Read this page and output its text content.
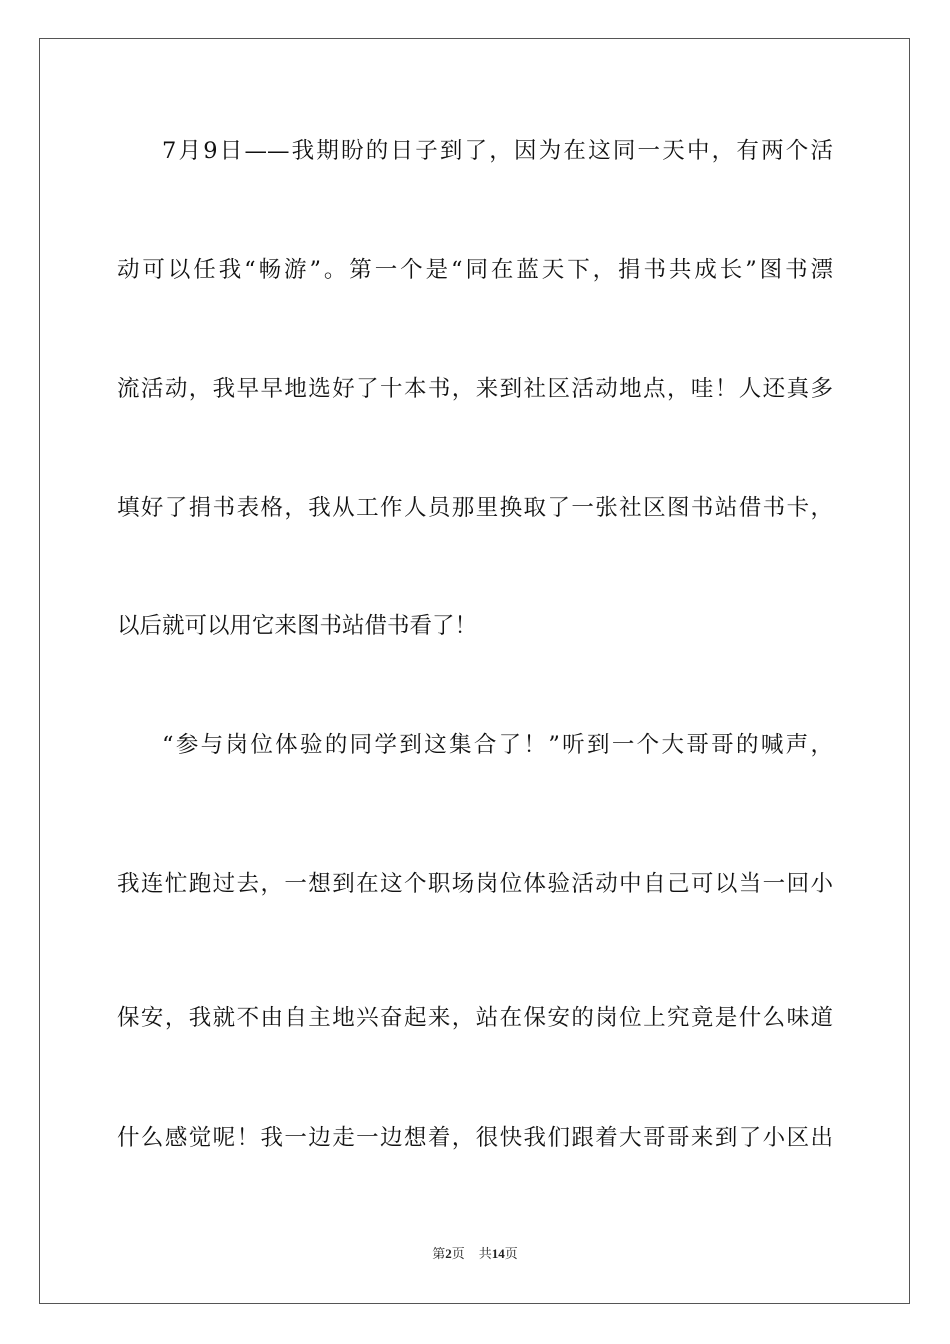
7月9日——我期盼的日子到了，因为在这同一天中，有两个活
动可以任我“畅游”。第一个是“同在蓝天下，捐书共成长”图书漂
流活动，我早早地选好了十本书，来到社区活动地点，哇！人还真多
填好了捐书表格，我从工作人员那里换取了一张社区图书站借书卡，
以后就可以用它来图书站借书看了！
“参与岗位体验的同学到这集合了！”听到一个大哥哥的喊声，
我连忙跑过去，一想到在这个职场岗位体验活动中自己可以当一回小
保安，我就不由自主地兴奋起来，站在保安的岗位上究竟是什么味道
什么感觉呢！我一边走一边想着，很快我们跟着大哥哥来到了小区出
第2页 共14页
